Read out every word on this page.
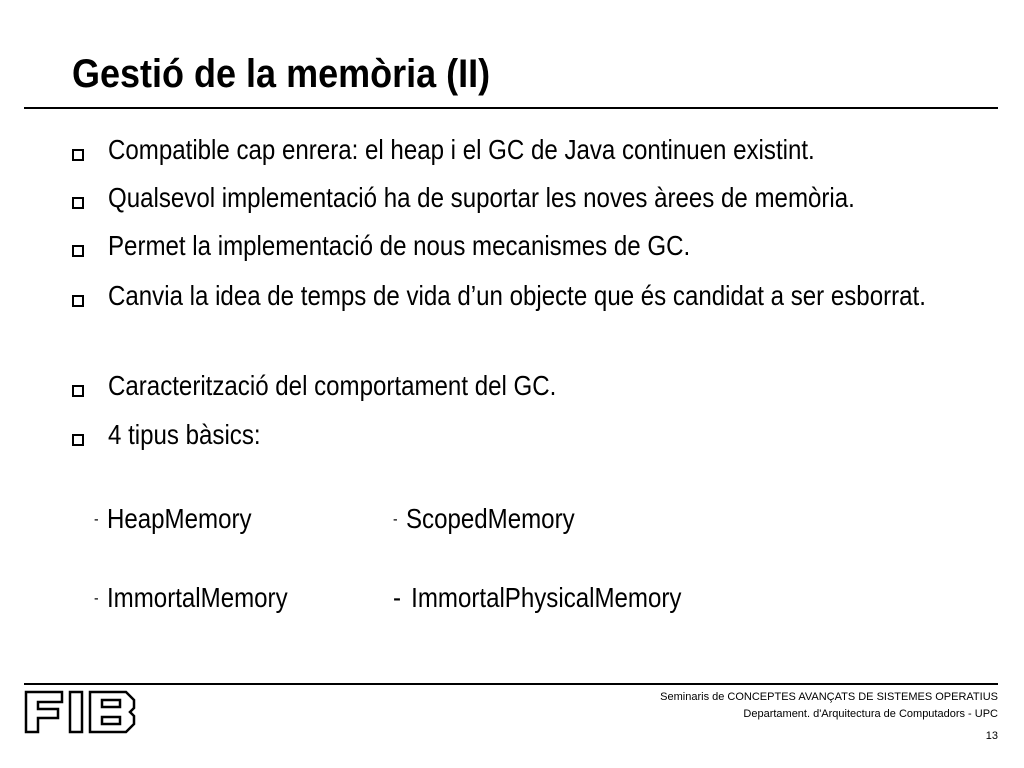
Gestió de la memòria (II)
Compatible cap enrera: el heap i el GC de Java continuen existint.
Qualsevol implementació ha de suportar les noves àrees de memòria.
Permet la implementació de nous mecanismes de GC.
Canvia la idea de temps de vida d’un objecte que és candidat a ser esborrat.
Caracterització del comportament del GC.
4 tipus bàsics:
- HeapMemory	- ScopedMemory
- ImmortalMemory	- ImmortalPhysicalMemory
Seminaris de CONCEPTES AVANÇATS DE SISTEMES OPERATIUS
Departament. d'Arquitectura de Computadors - UPC
13
